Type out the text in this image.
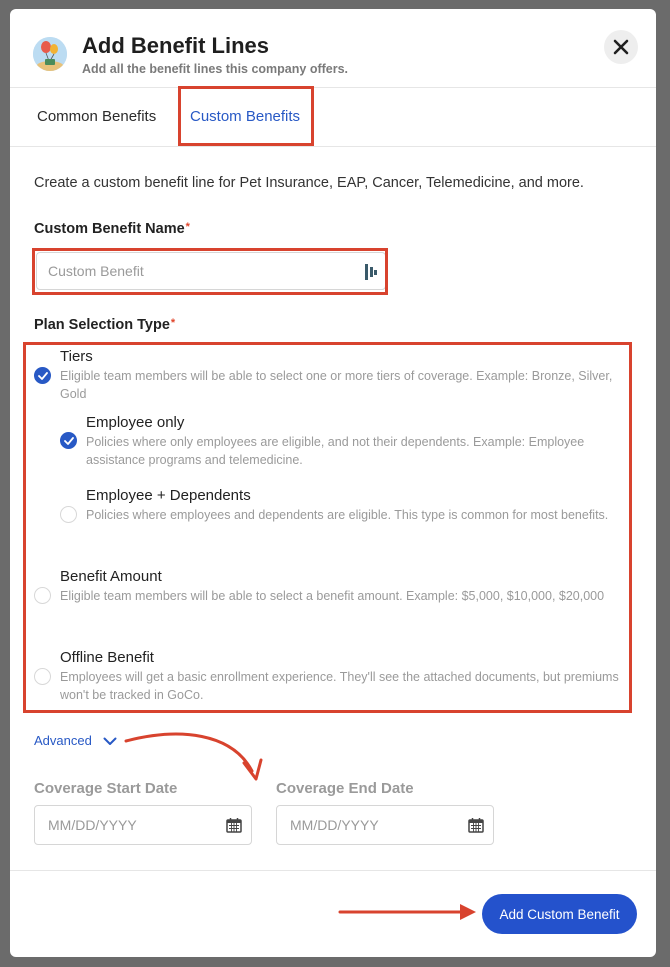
Add Benefit Lines
Add all the benefit lines this company offers.
Common Benefits Custom Benefits
Create a custom benefit line for Pet Insurance, EAP, Cancer, Telemedicine, and more.
Custom Benefit Name*
Custom Benefit
Plan Selection Type*
Tiers
Eligible team members will be able to select one or more tiers of coverage. Example: Bronze, Silver, Gold
Employee only
Policies where only employees are eligible, and not their dependents. Example: Employee assistance programs and telemedicine.
Employee + Dependents
Policies where employees and dependents are eligible. This type is common for most benefits.
Benefit Amount
Eligible team members will be able to select a benefit amount. Example: $5,000, $10,000, $20,000
Offline Benefit
Employees will get a basic enrollment experience. They'll see the attached documents, but premiums won't be tracked in GoCo.
Advanced
Coverage Start Date	Coverage End Date
MM/DD/YYYY
MM/DD/YYYY
Add Custom Benefit
